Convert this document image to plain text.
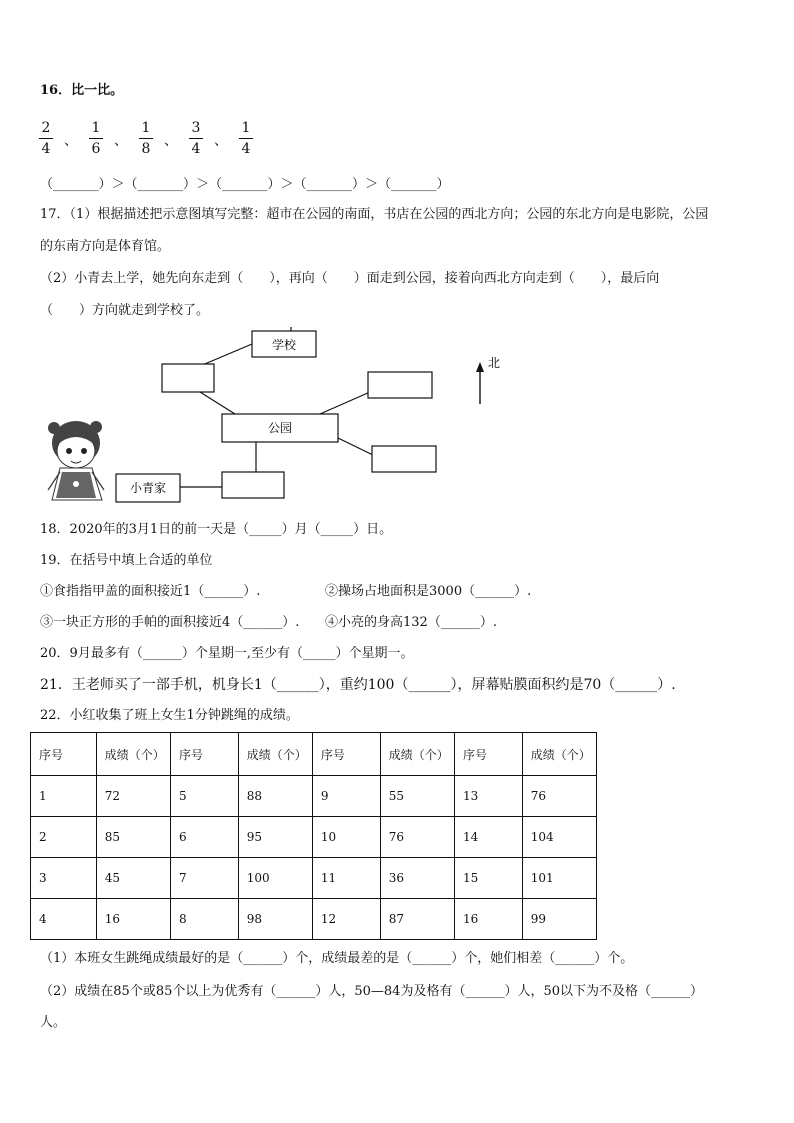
16．比一比。
2
4 、
1
6 、
1
8 、
3
4 、
1
4
（_______）＞（_______）＞（_______）＞（_______）＞（_______）
17．（1）根据描述把示意图填写完整：超市在公园的南面，书店在公园的西北方向；公园的东北方向是电影院，公园
的东南方向是体育馆。
（2）小青去上学，她先向东走到（　　），再向（　　）面走到公园，接着向西北方向走到（　　），最后向
（　　）方向就走到学校了。
学校
公园
小青家
北
18．2020年的3月1日的前一天是（_____）月（_____）日。
19．在括号中填上合适的单位
①食指指甲盖的面积接近1（______）.	②操场占地面积是3000（______）.
③一块正方形的手帕的面积接近4（______）. ④小亮的身高132（______）.
20．9月最多有（______）个星期一,至少有（_____）个星期一。
21．王老师买了一部手机，机身长1（______），重约100（______），屏幕贴膜面积约是70（______）.
22．小红收集了班上女生1分钟跳绳的成绩。
序号	成绩（个）	序号	成绩（个）	序号	成绩（个）	序号	成绩（个）
1	72	5	88	9	55	13	76
2	85	6	95	10	76	14	104
3	45	7	100	11	36	15	101
4	16	8	98	12	87	16	99
（1）本班女生跳绳成绩最好的是（______）个，成绩最差的是（______）个，她们相差（______）个。
（2）成绩在85个或85个以上为优秀有（______）人，50—84为及格有（______）人，50以下为不及格（______）
人。
